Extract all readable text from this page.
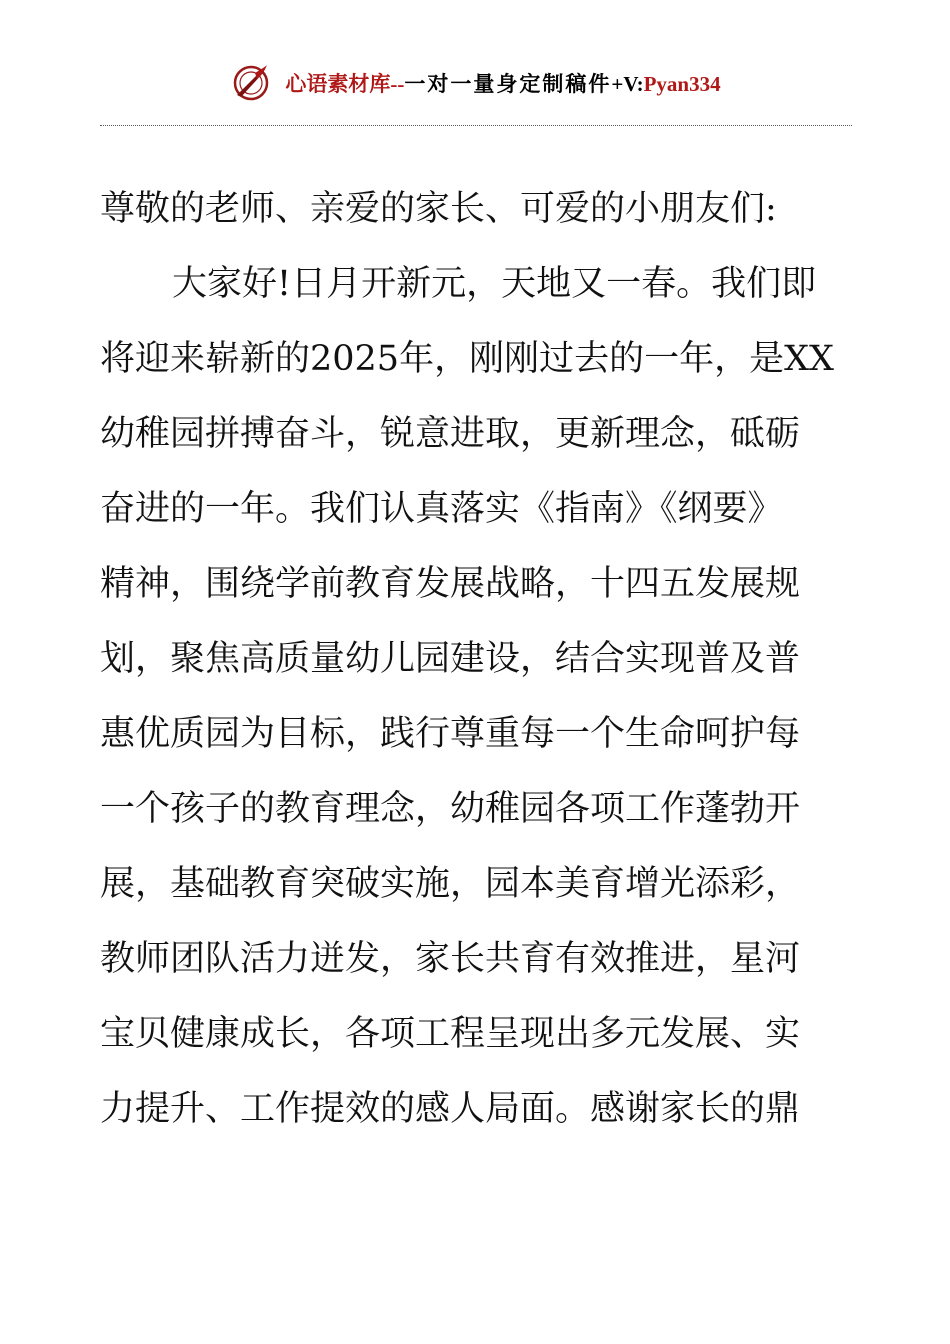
心语素材库--一对一量身定制稿件+V:Pyan334
尊敬的老师、亲爱的家长、可爱的小朋友们:
大家好!日月开新元，天地又一春。我们即
将迎来崭新的2025年，刚刚过去的一年，是XX
幼稚园拼搏奋斗，锐意进取，更新理念，砥砺
奋进的一年。我们认真落实《指南》《纲要》
精神，围绕学前教育发展战略，十四五发展规
划，聚焦高质量幼儿园建设，结合实现普及普
惠优质园为目标，践行尊重每一个生命呵护每
一个孩子的教育理念，幼稚园各项工作蓬勃开
展，基础教育突破实施，园本美育增光添彩，
教师团队活力迸发，家长共育有效推进，星河
宝贝健康成长，各项工程呈现出多元发展、实
力提升、工作提效的感人局面。感谢家长的鼎
